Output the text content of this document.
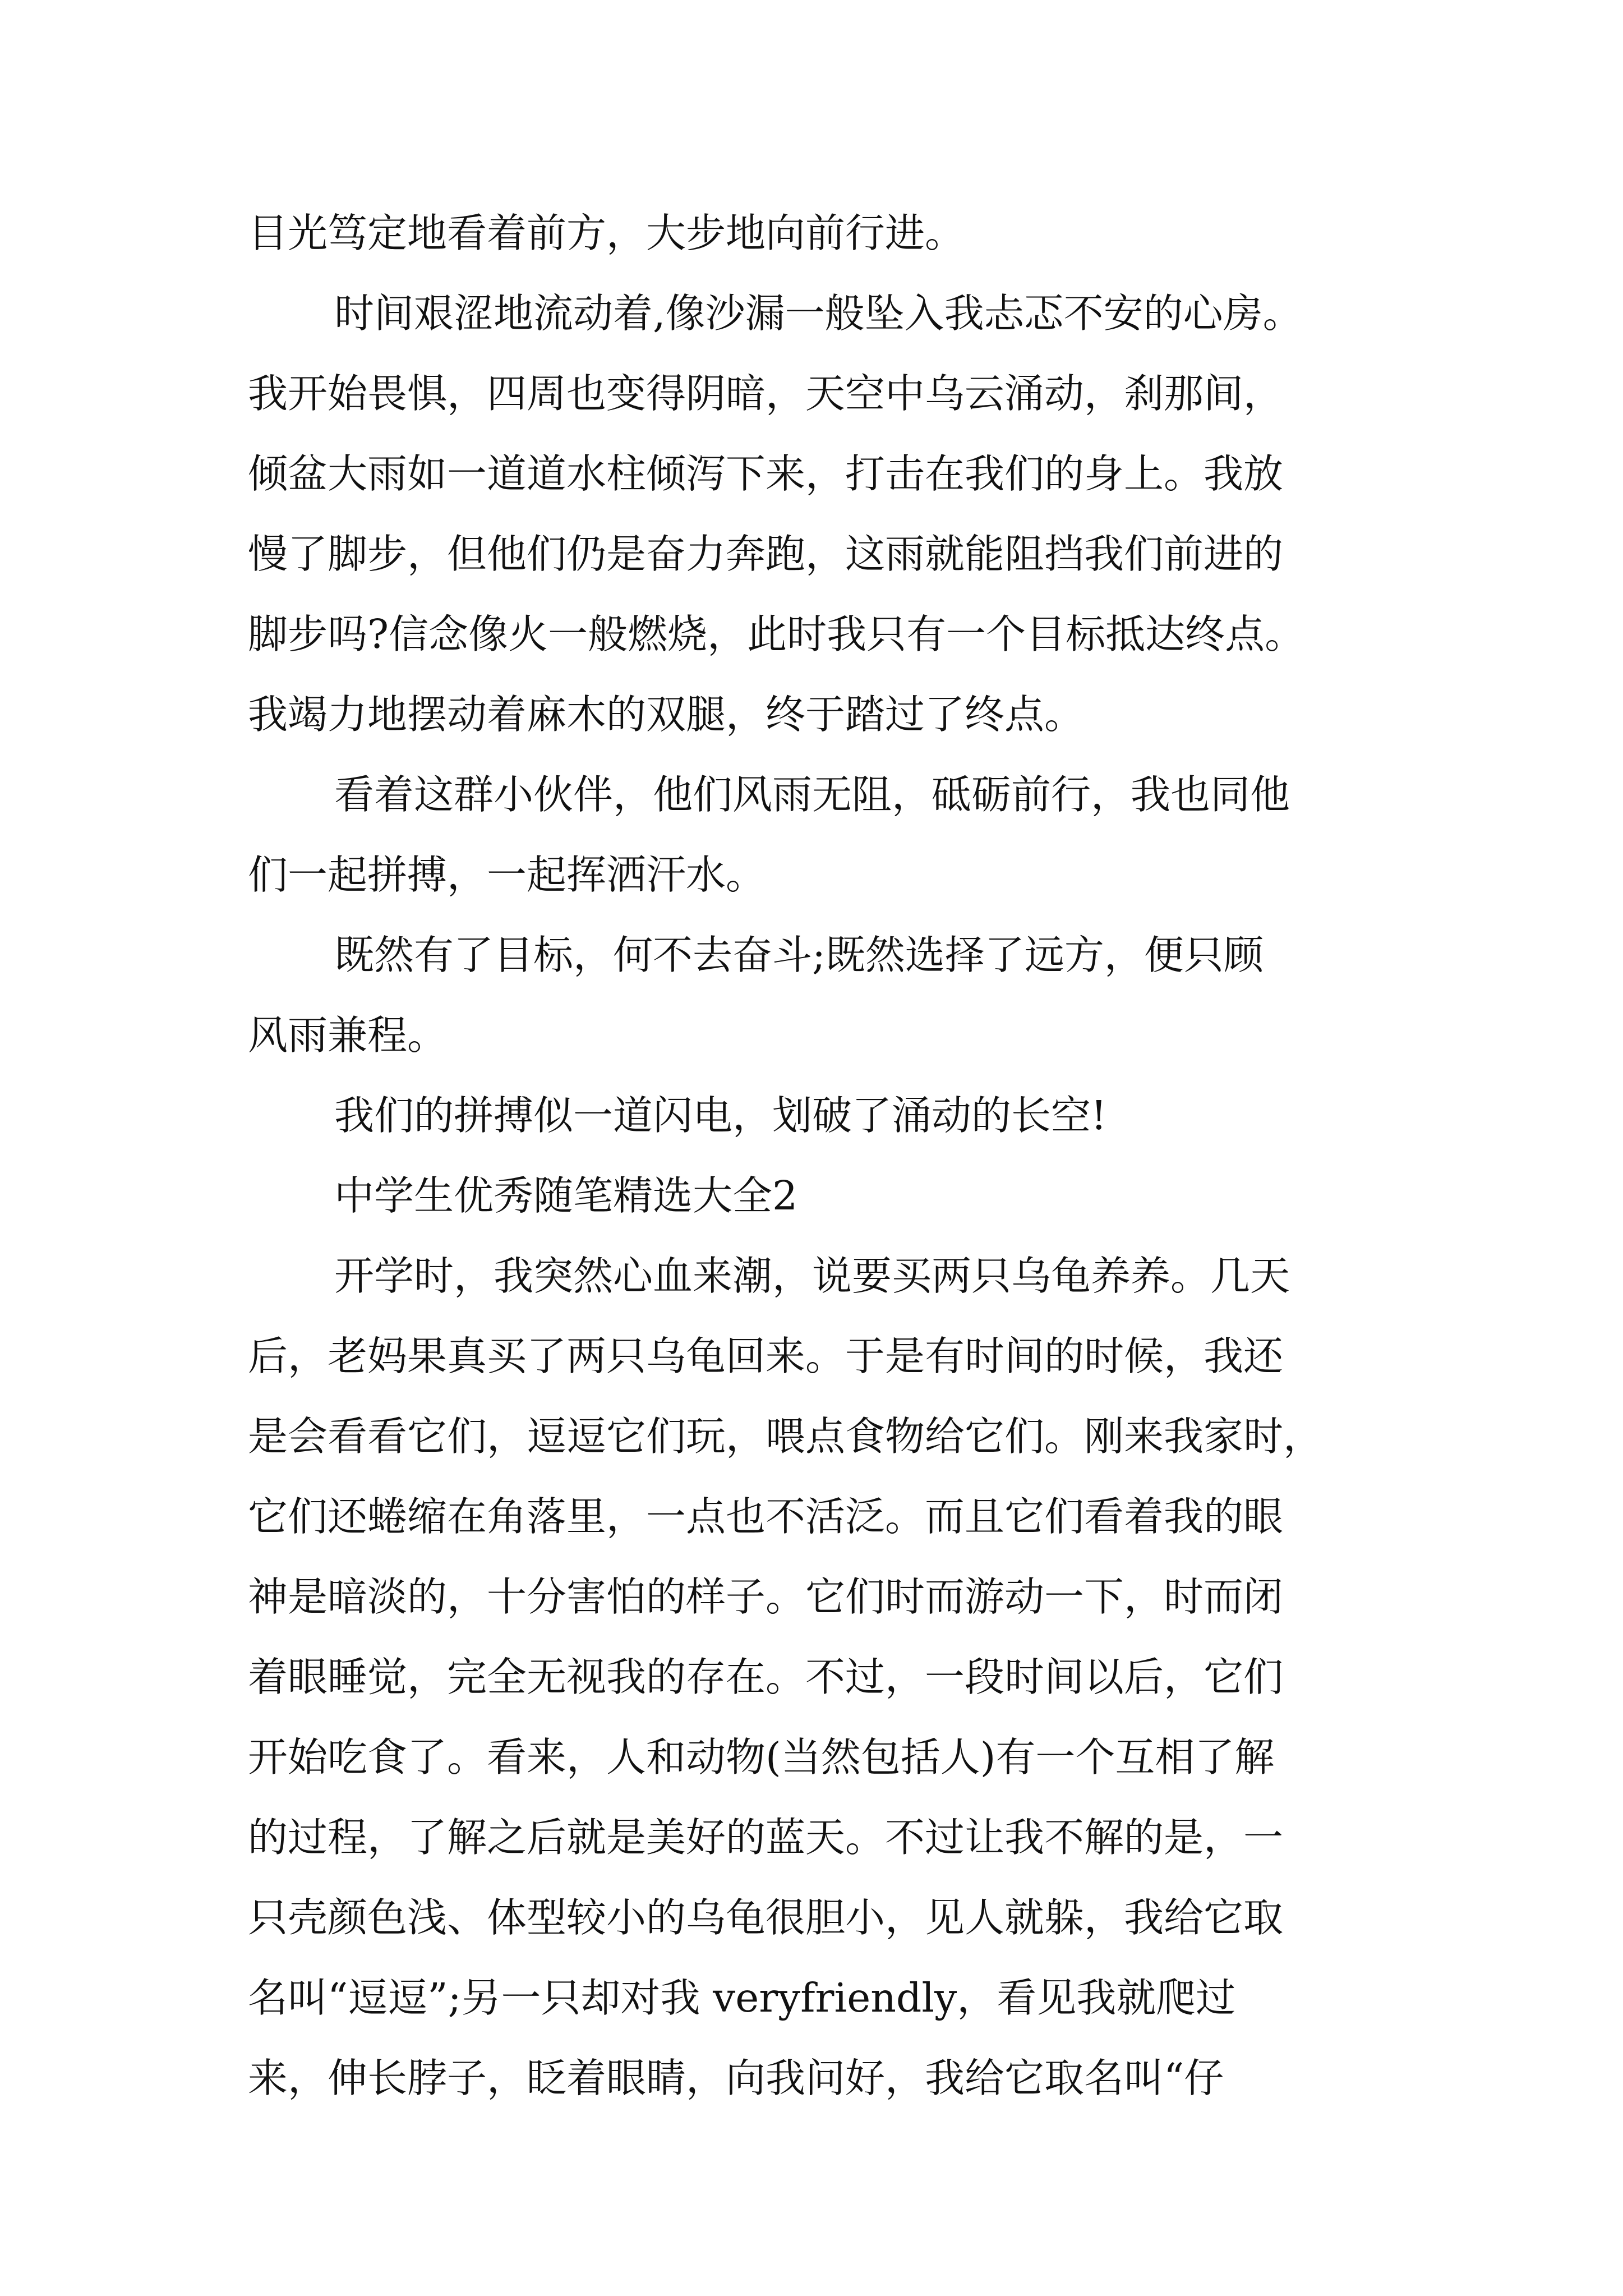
目光笃定地看着前方，大步地向前行进。

时间艰涩地流动着,像沙漏一般坠入我忐忑不安的心房。

我开始畏惧，四周也变得阴暗，天空中乌云涌动，刹那间，

倾盆大雨如一道道水柱倾泻下来，打击在我们的身上。我放

慢了脚步，但他们仍是奋力奔跑，这雨就能阻挡我们前进的

脚步吗?信念像火一般燃烧，此时我只有一个目标抵达终点。

我竭力地摆动着麻木的双腿，终于踏过了终点。

看着这群小伙伴，他们风雨无阻，砥砺前行，我也同他

们一起拼搏，一起挥洒汗水。

既然有了目标，何不去奋斗;既然选择了远方，便只顾

风雨兼程。

我们的拼搏似一道闪电，划破了涌动的长空!

中学生优秀随笔精选大全2

开学时，我突然心血来潮，说要买两只乌龟养养。几天

后，老妈果真买了两只乌龟回来。于是有时间的时候，我还

是会看看它们，逗逗它们玩，喂点食物给它们。刚来我家时，

它们还蜷缩在角落里，一点也不活泛。而且它们看着我的眼

神是暗淡的，十分害怕的样子。它们时而游动一下，时而闭

着眼睡觉，完全无视我的存在。不过，一段时间以后，它们

开始吃食了。看来，人和动物(当然包括人)有一个互相了解

的过程，了解之后就是美好的蓝天。不过让我不解的是，一

只壳颜色浅、体型较小的乌龟很胆小，见人就躲，我给它取

名叫“逗逗”;另一只却对我 veryfriendly，看见我就爬过

来，伸长脖子，眨着眼睛，向我问好，我给它取名叫“仔
